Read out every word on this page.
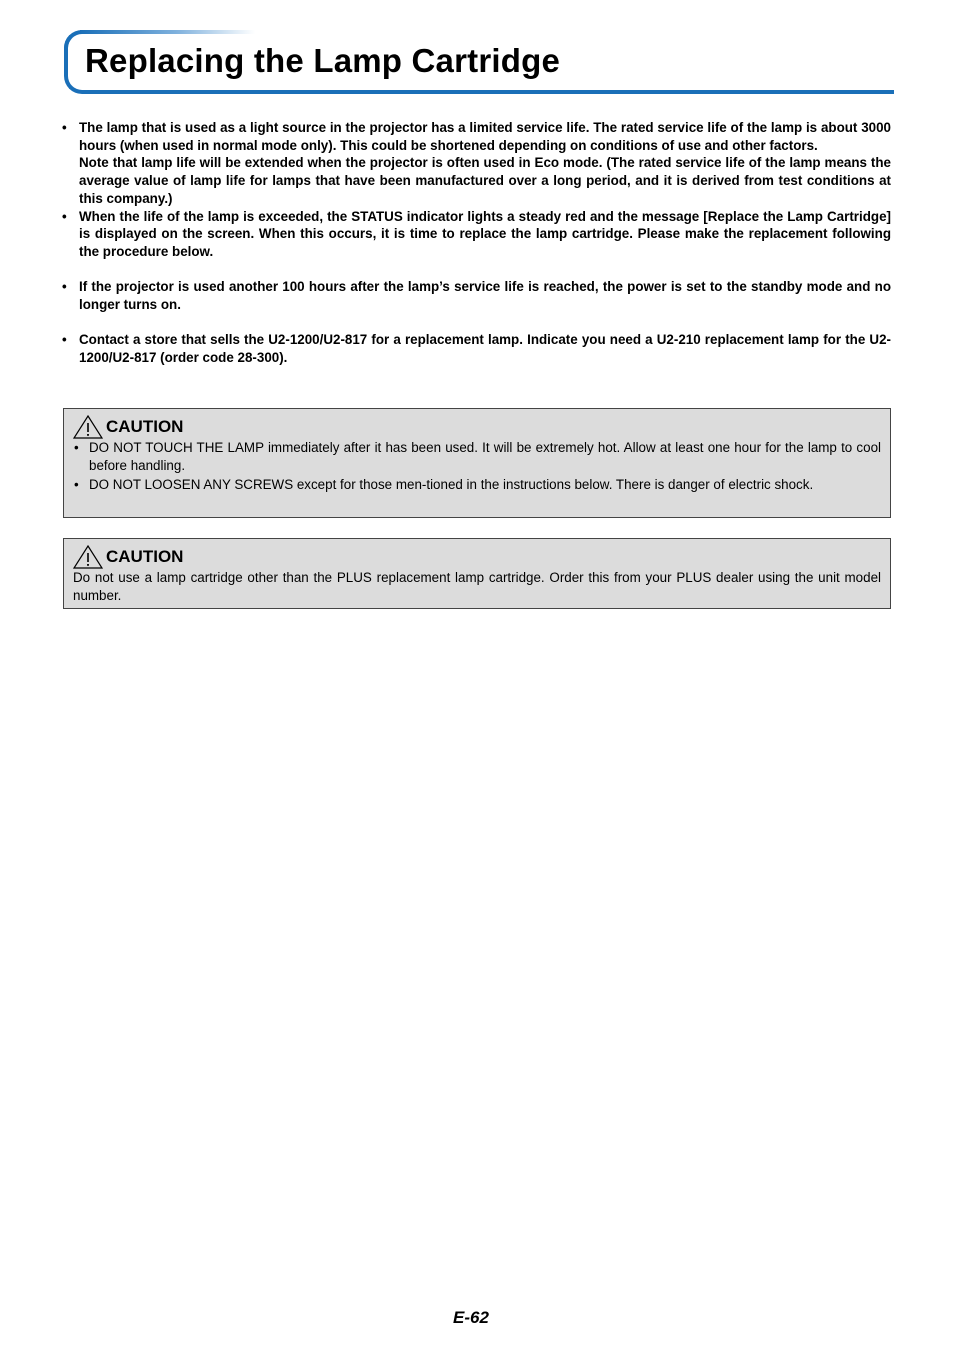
Replacing the Lamp Cartridge
• The lamp that is used as a light source in the projector has a limited service life. The rated service life of the lamp is about 3000 hours (when used in normal mode only). This could be shortened depending on conditions of use and other factors.

Note that lamp life will be extended when the projector is often used in Eco mode. (The rated service life of the lamp means the average value of lamp life for lamps that have been manufactured over a long period, and it is derived from test conditions at this company.)

• When the life of the lamp is exceeded, the STATUS indicator lights a steady red and the message [Replace the Lamp Cartridge] is displayed on the screen. When this occurs, it is time to replace the lamp cartridge. Please make the replacement following the procedure below.

• If the projector is used another 100 hours after the lamp’s service life is reached, the power is set to the standby mode and no longer turns on.

• Contact a store that sells the U2-1200/U2-817 for a replacement lamp. Indicate you need a U2-210 replacement lamp for the U2-1200/U2-817 (order code 28-300).

CAUTION
• DO NOT TOUCH THE LAMP immediately after it has been used. It will be extremely hot. Allow at least one hour for the lamp to cool before handling.

• DO NOT LOOSEN ANY SCREWS except for those men-tioned in the instructions below. There is danger of electric shock.

CAUTION

Do not use a lamp cartridge other than the PLUS replacement lamp cartridge. Order this from your PLUS dealer using the unit model number.

E-62
